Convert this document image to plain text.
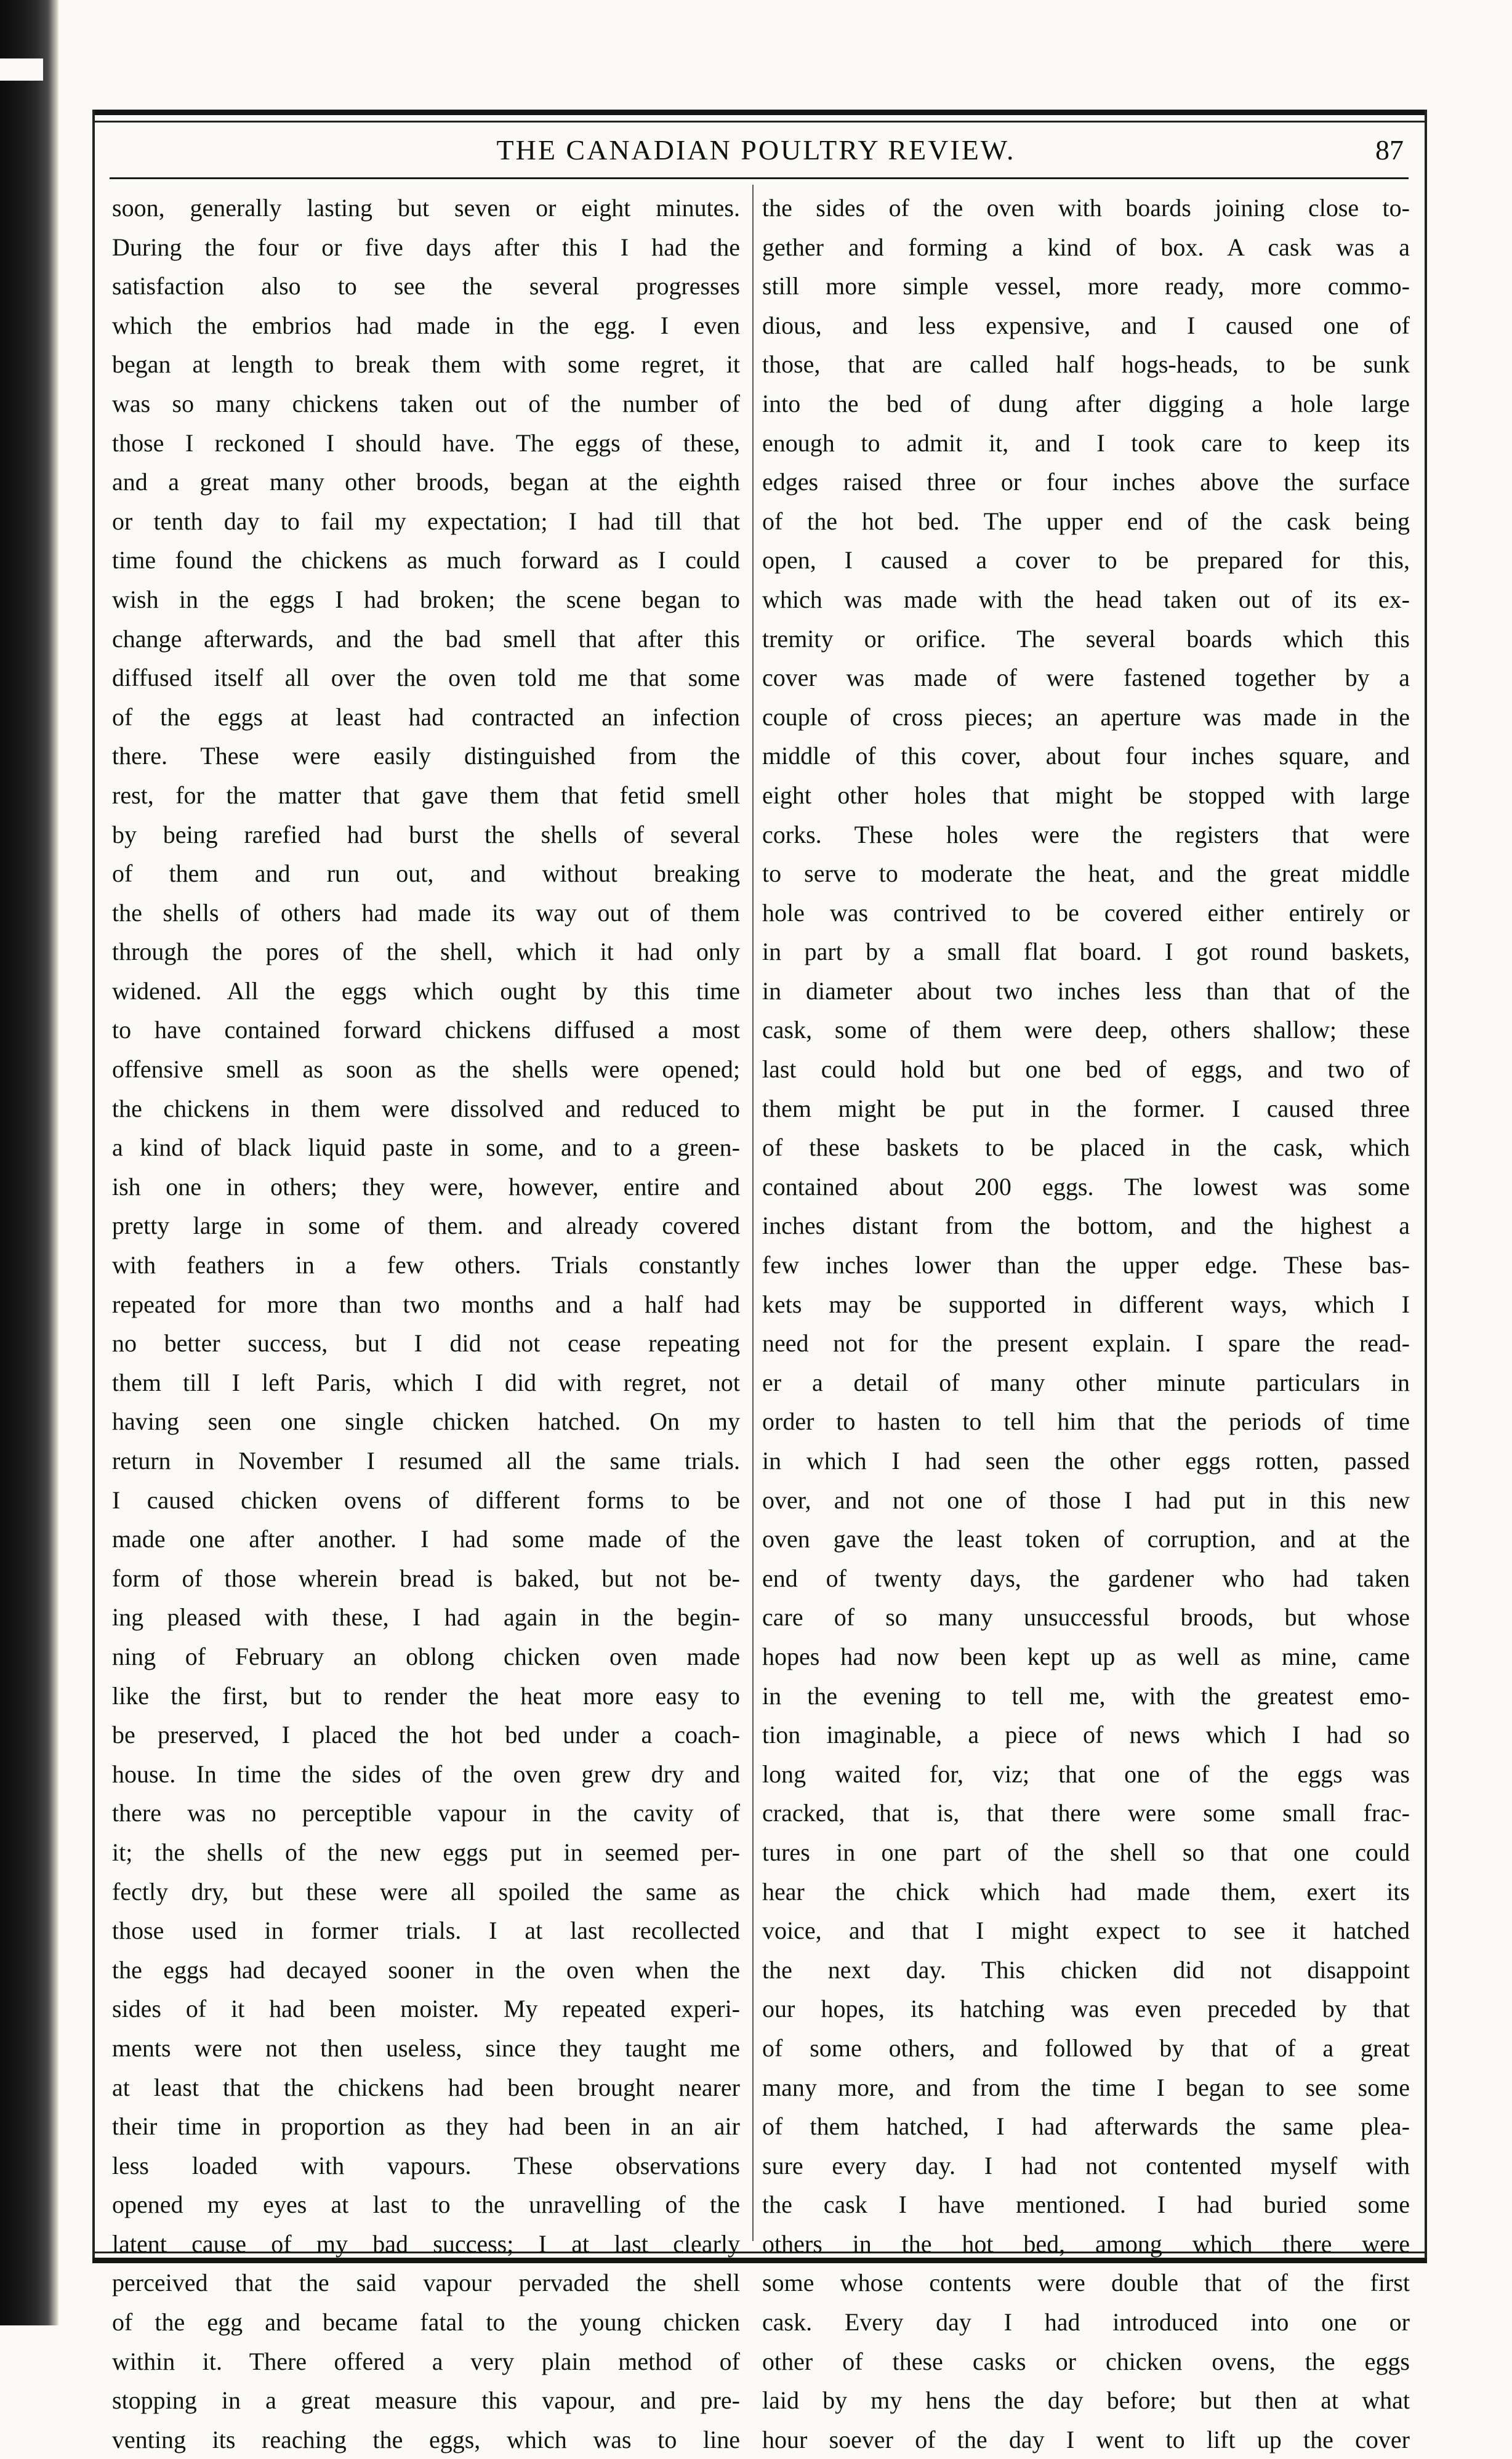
THE CANADIAN POULTRY REVIEW.	87
soon, generally lasting but seven or eight minutes.
During the four or five days after this I had the
satisfaction also to see the several progresses
which the embrios had made in the egg. I even
began at length to break them with some regret, it
was so many chickens taken out of the number of
those I reckoned I should have. The eggs of these,
and a great many other broods, began at the eighth
or tenth day to fail my expectation; I had till that
time found the chickens as much forward as I could
wish in the eggs I had broken; the scene began to
change afterwards, and the bad smell that after this
diffused itself all over the oven told me that some
of the eggs at least had contracted an infection
there. These were easily distinguished from the
rest, for the matter that gave them that fetid smell
by being rarefied had burst the shells of several
of them and run out, and without breaking
the shells of others had made its way out of them
through the pores of the shell, which it had only
widened. All the eggs which ought by this time
to have contained forward chickens diffused a most
offensive smell as soon as the shells were opened;
the chickens in them were dissolved and reduced to
a kind of black liquid paste in some, and to a green-
ish one in others; they were, however, entire and
pretty large in some of them. and already covered
with feathers in a few others. Trials constantly
repeated for more than two months and a half had
no better success, but I did not cease repeating
them till I left Paris, which I did with regret, not
having seen one single chicken hatched. On my
return in November I resumed all the same trials.
I caused chicken ovens of different forms to be
made one after another. I had some made of the
form of those wherein bread is baked, but not be-
ing pleased with these, I had again in the begin-
ning of February an oblong chicken oven made
like the first, but to render the heat more easy to
be preserved, I placed the hot bed under a coach-
house. In time the sides of the oven grew dry and
there was no perceptible vapour in the cavity of
it; the shells of the new eggs put in seemed per-
fectly dry, but these were all spoiled the same as
those used in former trials. I at last recollected
the eggs had decayed sooner in the oven when the
sides of it had been moister. My repeated experi-
ments were not then useless, since they taught me
at least that the chickens had been brought nearer
their time in proportion as they had been in an air
less loaded with vapours. These observations
opened my eyes at last to the unravelling of the
latent cause of my bad success; I at last clearly
perceived that the said vapour pervaded the shell
of the egg and became fatal to the young chicken
within it. There offered a very plain method of
stopping in a great measure this vapour, and pre-
venting its reaching the eggs, which was to line
the sides of the oven with boards joining close to-
gether and forming a kind of box. A cask was a
still more simple vessel, more ready, more commo-
dious, and less expensive, and I caused one of
those, that are called half hogs-heads, to be sunk
into the bed of dung after digging a hole large
enough to admit it, and I took care to keep its
edges raised three or four inches above the surface
of the hot bed. The upper end of the cask being
open, I caused a cover to be prepared for this,
which was made with the head taken out of its ex-
tremity or orifice. The several boards which this
cover was made of were fastened together by a
couple of cross pieces; an aperture was made in the
middle of this cover, about four inches square, and
eight other holes that might be stopped with large
corks. These holes were the registers that were
to serve to moderate the heat, and the great middle
hole was contrived to be covered either entirely or
in part by a small flat board. I got round baskets,
in diameter about two inches less than that of the
cask, some of them were deep, others shallow; these
last could hold but one bed of eggs, and two of
them might be put in the former. I caused three
of these baskets to be placed in the cask, which
contained about 200 eggs. The lowest was some
inches distant from the bottom, and the highest a
few inches lower than the upper edge. These bas-
kets may be supported in different ways, which I
need not for the present explain. I spare the read-
er a detail of many other minute particulars in
order to hasten to tell him that the periods of time
in which I had seen the other eggs rotten, passed
over, and not one of those I had put in this new
oven gave the least token of corruption, and at the
end of twenty days, the gardener who had taken
care of so many unsuccessful broods, but whose
hopes had now been kept up as well as mine, came
in the evening to tell me, with the greatest emo-
tion imaginable, a piece of news which I had so
long waited for, viz; that one of the eggs was
cracked, that is, that there were some small frac-
tures in one part of the shell so that one could
hear the chick which had made them, exert its
voice, and that I might expect to see it hatched
the next day. This chicken did not disappoint
our hopes, its hatching was even preceded by that
of some others, and followed by that of a great
many more, and from the time I began to see some
of them hatched, I had afterwards the same plea-
sure every day. I had not contented myself with
the cask I have mentioned. I had buried some
others in the hot bed, among which there were
some whose contents were double that of the first
cask. Every day I had introduced into one or
other of these casks or chicken ovens, the eggs
laid by my hens the day before; but then at what
hour soever of the day I went to lift up the cover
